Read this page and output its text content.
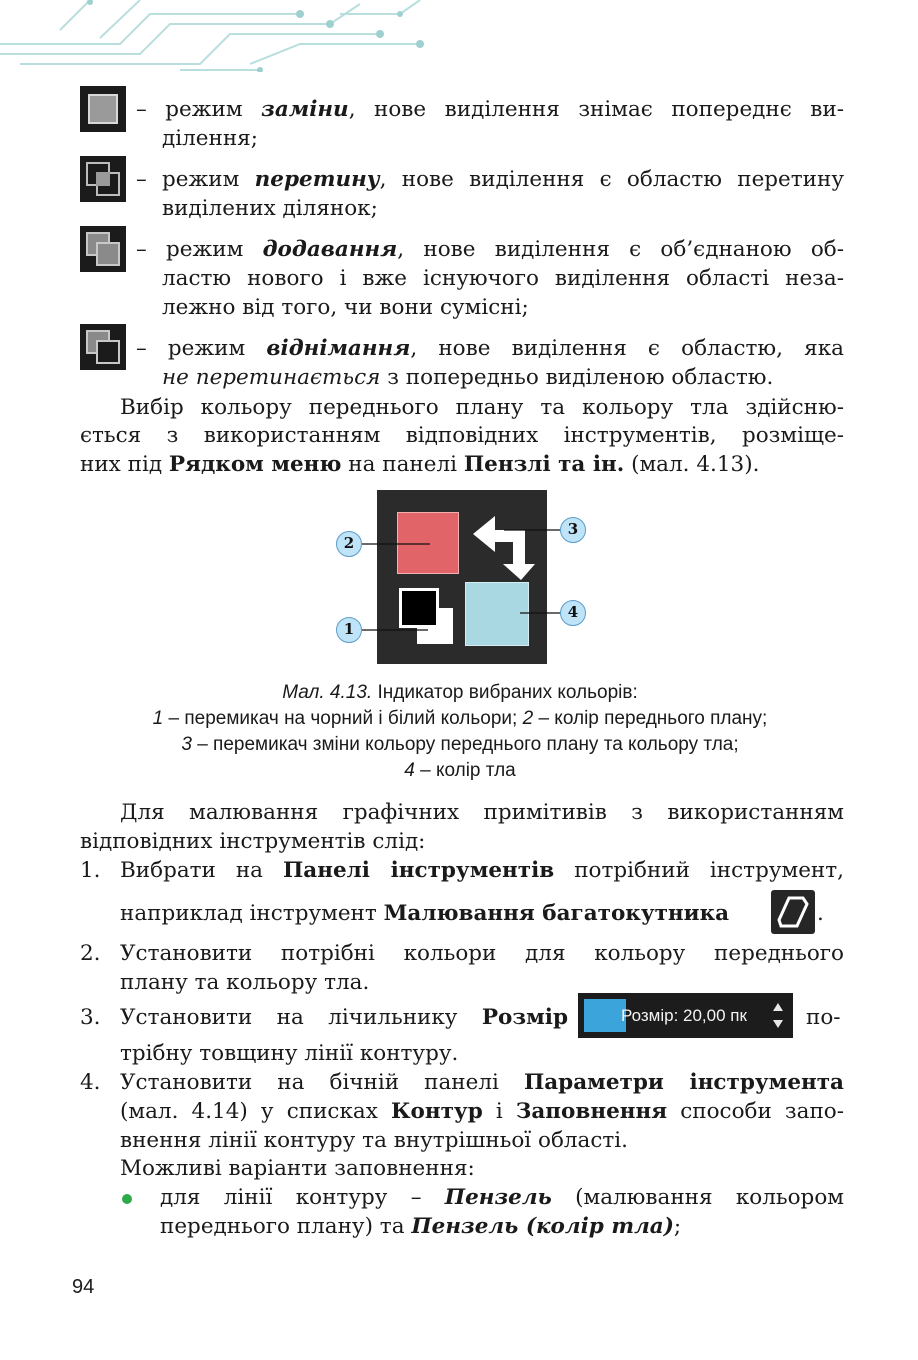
– режим заміни, нове виділення знімає попереднє ви-
ділення;
– режим перетину, нове виділення є областю перетину
виділених ділянок;
– режим додавання, нове виділення є об’єднаною об-
ластю нового і вже існуючого виділення області неза-
лежно від того, чи вони сумісні;
– режим віднімання, нове виділення є областю, яка
не перетинається з попередньо виділеною областю.
Вибір кольору переднього плану та кольору тла здійсню-
ється з використанням відповідних інструментів, розміще-
них під Рядком меню на панелі Пензлі та ін. (мал. 4.13).
2
3
4
1
Мал. 4.13. Індикатор вибраних кольорів:
1 – перемикач на чорний і білий кольори; 2 – колір переднього плану;
3 – перемикач зміни кольору переднього плану та кольору тла;
4 – колір тла
Для малювання графічних примітивів з використанням
відповідних інструментів слід:
1. Вибрати на Панелі інструментів потрібний інструмент,
наприклад інструмент Малювання багатокутника	.
2. Установити потрібні кольори для кольору переднього
плану та кольору тла.
3. Установити на лічильнику Розмір	Розмір: 20,00 пк	по-
трібну товщину лінії контуру.
4. Установити на бічній панелі Параметри інструмента
(мал. 4.14) у списках Контур і Заповнення способи запо-
внення лінії контуру та внутрішньої області.
Можливі варіанти заповнення:
для лінії контуру – Пензель (малювання кольором
переднього плану) та Пензель (колір тла);
94
